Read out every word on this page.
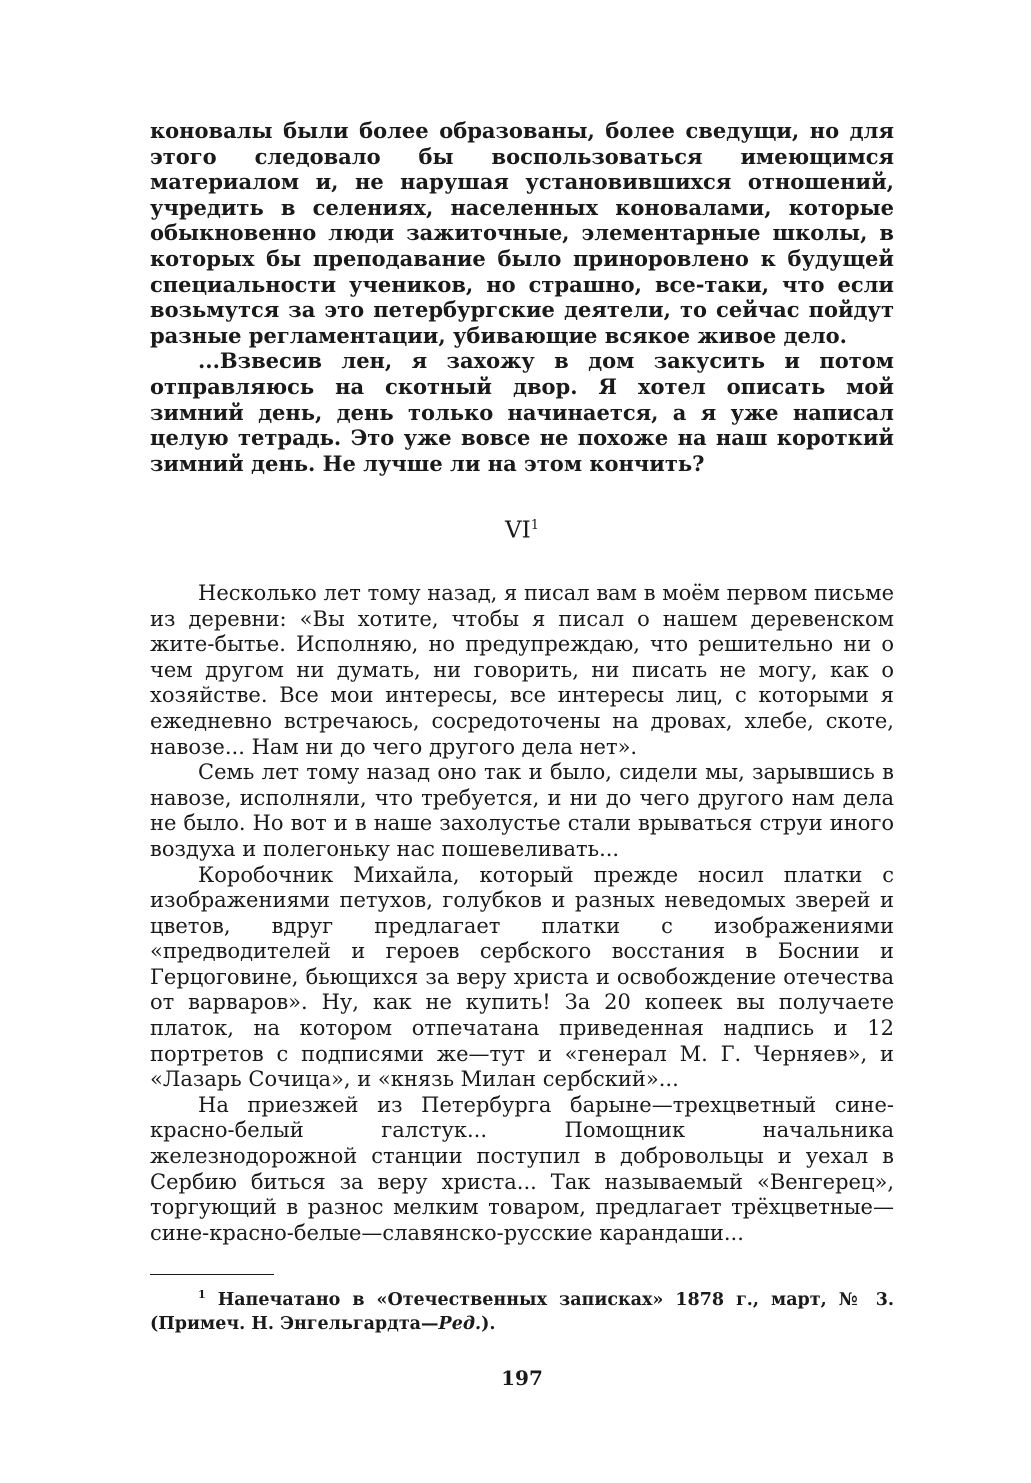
коновалы были более образованы, более сведущи, но для этого следовало бы воспользоваться имеющимся материалом и, не нарушая установившихся отношений, учредить в селениях, населенных коновалами, которые обыкновенно люди зажиточные, элементарные школы, в которых бы преподавание было приноровлено к будущей специальности учеников, но страшно, все-таки, что если возьмутся за это петербургские деятели, то сейчас пойдут разные регламентации, убивающие всякое живое дело.

...Взвесив лен, я захожу в дом закусить и потом отправляюсь на скотный двор. Я хотел описать мой зимний день, день только начинается, а я уже написал целую тетрадь. Это уже вовсе не похоже на наш короткий зимний день. Не лучше ли на этом кончить?

$VI^1$

Несколько лет тому назад, я писал вам в моём первом письме из деревни: «Вы хотите, чтобы я писал о нашем деревенском жите-бытье. Исполняю, но предупреждаю, что решительно ни о чем другом ни думать, ни говорить, ни писать не могу, как о хозяйстве. Все мои интересы, все интересы лиц, с которыми я ежедневно встречаюсь, сосредоточены на дровах, хлебе, скоте, навозе... Нам ни до чего другого дела нет».

Семь лет тому назад оно так и было, сидели мы, зарывшись в навозе, исполняли, что требуется, и ни до чего другого нам дела не было. Но вот и в наше захолустье стали врываться струи иного воздуха и полегоньку нас пошевеливать...

Коробочник Михайла, который прежде носил платки с изображениями петухов, голубков и разных неведомых зверей и цветов, вдруг предлагает платки с изображениями «предводителей и героев сербского восстания в Боснии и Герцоговине, бьющихся за веру христа и освобождение отечества от варваров». Ну, как не купить! За 20 копеек вы получаете платок, на котором отпечатана приведенная надпись и 12 портретов с подписями же—тут и «генерал М. Г. Черняев», и «Лазарь Сочица», и «князь Милан сербский»...

На приезжей из Петербурга барыне—трехцветный сине-красно-белый галстук... Помощник начальника железнодорожной станции поступил в добровольцы и уехал в Сербию биться за веру христа... Так называемый «Венгерец», торгующий в разнос мелким товаром, предлагает трёхцветные—сине-красно-белые—славянско-русские карандаши...

$^1$ Напечатано в «Отечественных записках» 1878 г., март, № 3. (Примеч. Н. Энгельгардта—Ред.).

197
